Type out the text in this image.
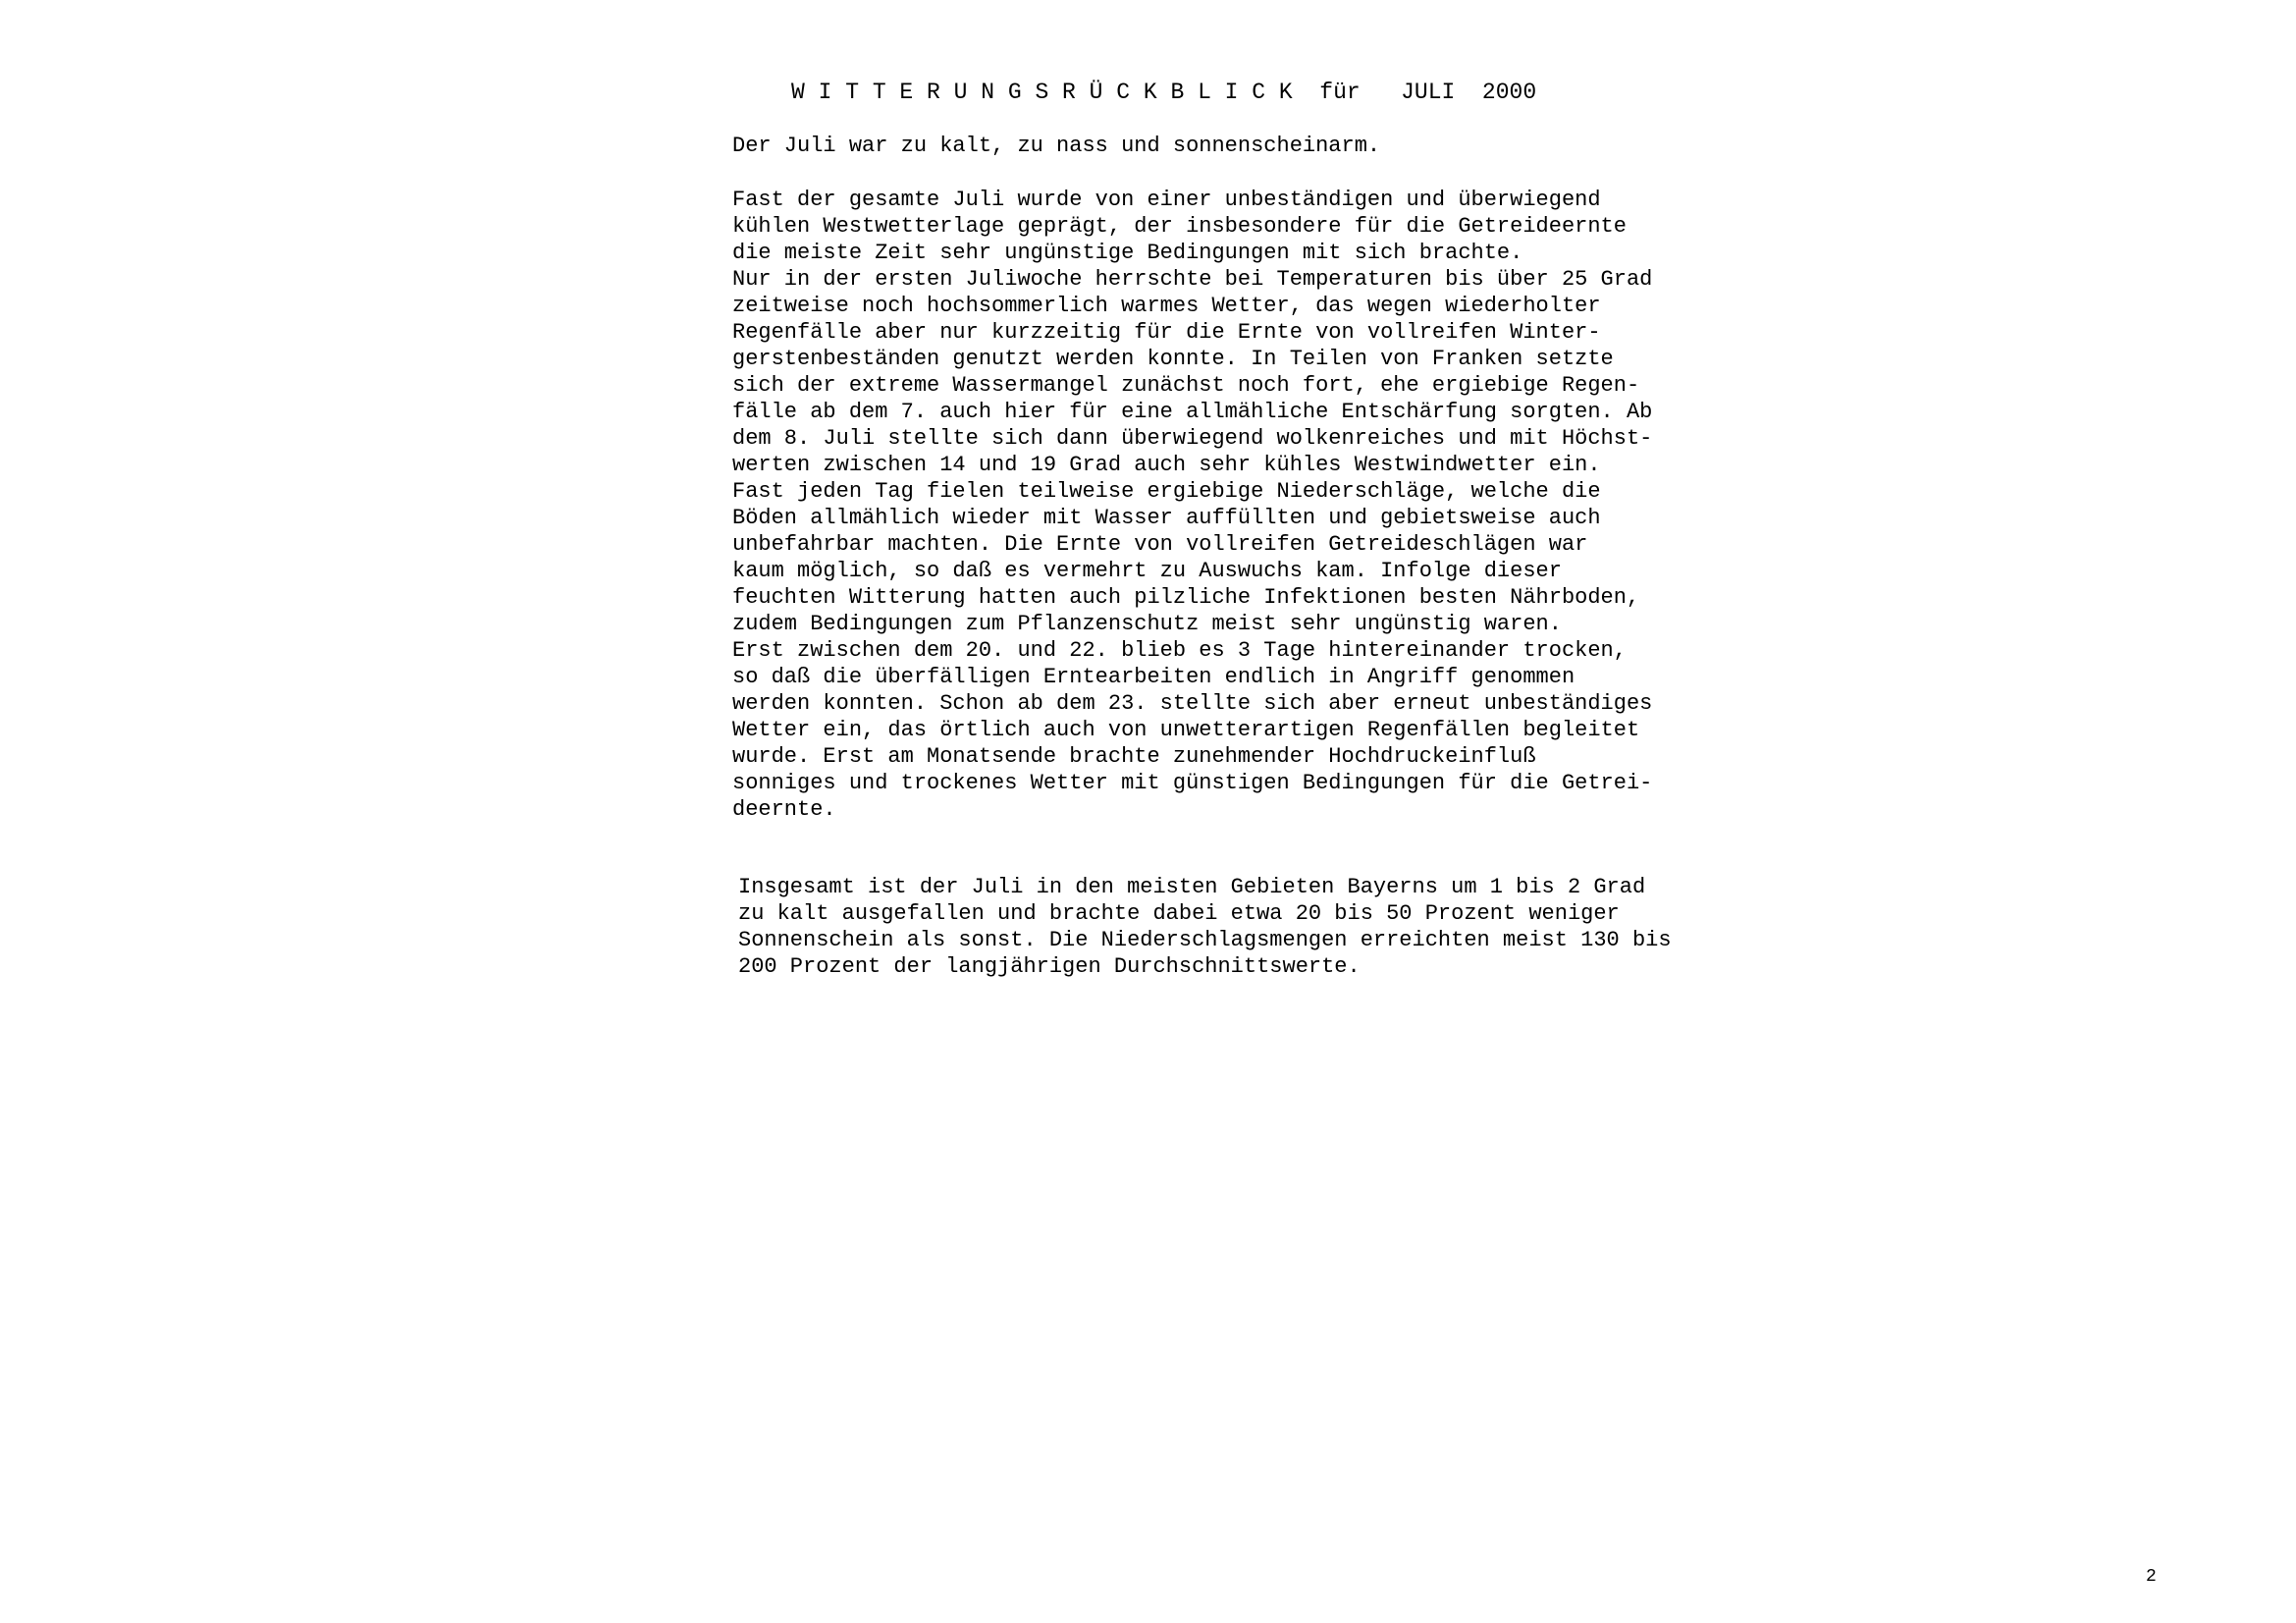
W I T T E R U N G S R Ü C K B L I C K  für   JULI  2000

Der Juli war zu kalt, zu nass und sonnenscheinarm.

Fast der gesamte Juli wurde von einer unbeständigen und überwiegend
kühlen Westwetterlage geprägt, der insbesondere für die Getreideernte
die meiste Zeit sehr ungünstige Bedingungen mit sich brachte.
Nur in der ersten Juliwoche herrschte bei Temperaturen bis über 25 Grad
zeitweise noch hochsommerlich warmes Wetter, das wegen wiederholter
Regenfälle aber nur kurzzeitig für die Ernte von vollreifen Winter-
gerstenbeständen genutzt werden konnte. In Teilen von Franken setzte
sich der extreme Wassermangel zunächst noch fort, ehe ergiebige Regen-
fälle ab dem 7. auch hier für eine allmähliche Entschärfung sorgten. Ab
dem 8. Juli stellte sich dann überwiegend wolkenreiches und mit Höchst-
werten zwischen 14 und 19 Grad auch sehr kühles Westwindwetter ein.
Fast jeden Tag fielen teilweise ergiebige Niederschläge, welche die
Böden allmählich wieder mit Wasser auffüllten und gebietsweise auch
unbefahrbar machten. Die Ernte von vollreifen Getreideschlägen war
kaum möglich, so daß es vermehrt zu Auswuchs kam. Infolge dieser
feuchten Witterung hatten auch pilzliche Infektionen besten Nährboden,
zudem Bedingungen zum Pflanzenschutz meist sehr ungünstig waren.
Erst zwischen dem 20. und 22. blieb es 3 Tage hintereinander trocken,
so daß die überfälligen Erntearbeiten endlich in Angriff genommen
werden konnten. Schon ab dem 23. stellte sich aber erneut unbeständiges
Wetter ein, das örtlich auch von unwetterartigen Regenfällen begleitet
wurde. Erst am Monatsende brachte zunehmender Hochdruckeinfluß
sonniges und trockenes Wetter mit günstigen Bedingungen für die Getrei-
deernte.

Insgesamt ist der Juli in den meisten Gebieten Bayerns um 1 bis 2 Grad
zu kalt ausgefallen und brachte dabei etwa 20 bis 50 Prozent weniger
Sonnenschein als sonst. Die Niederschlagsmengen erreichten meist 130 bis
200 Prozent der langjährigen Durchschnittswerte.

2
